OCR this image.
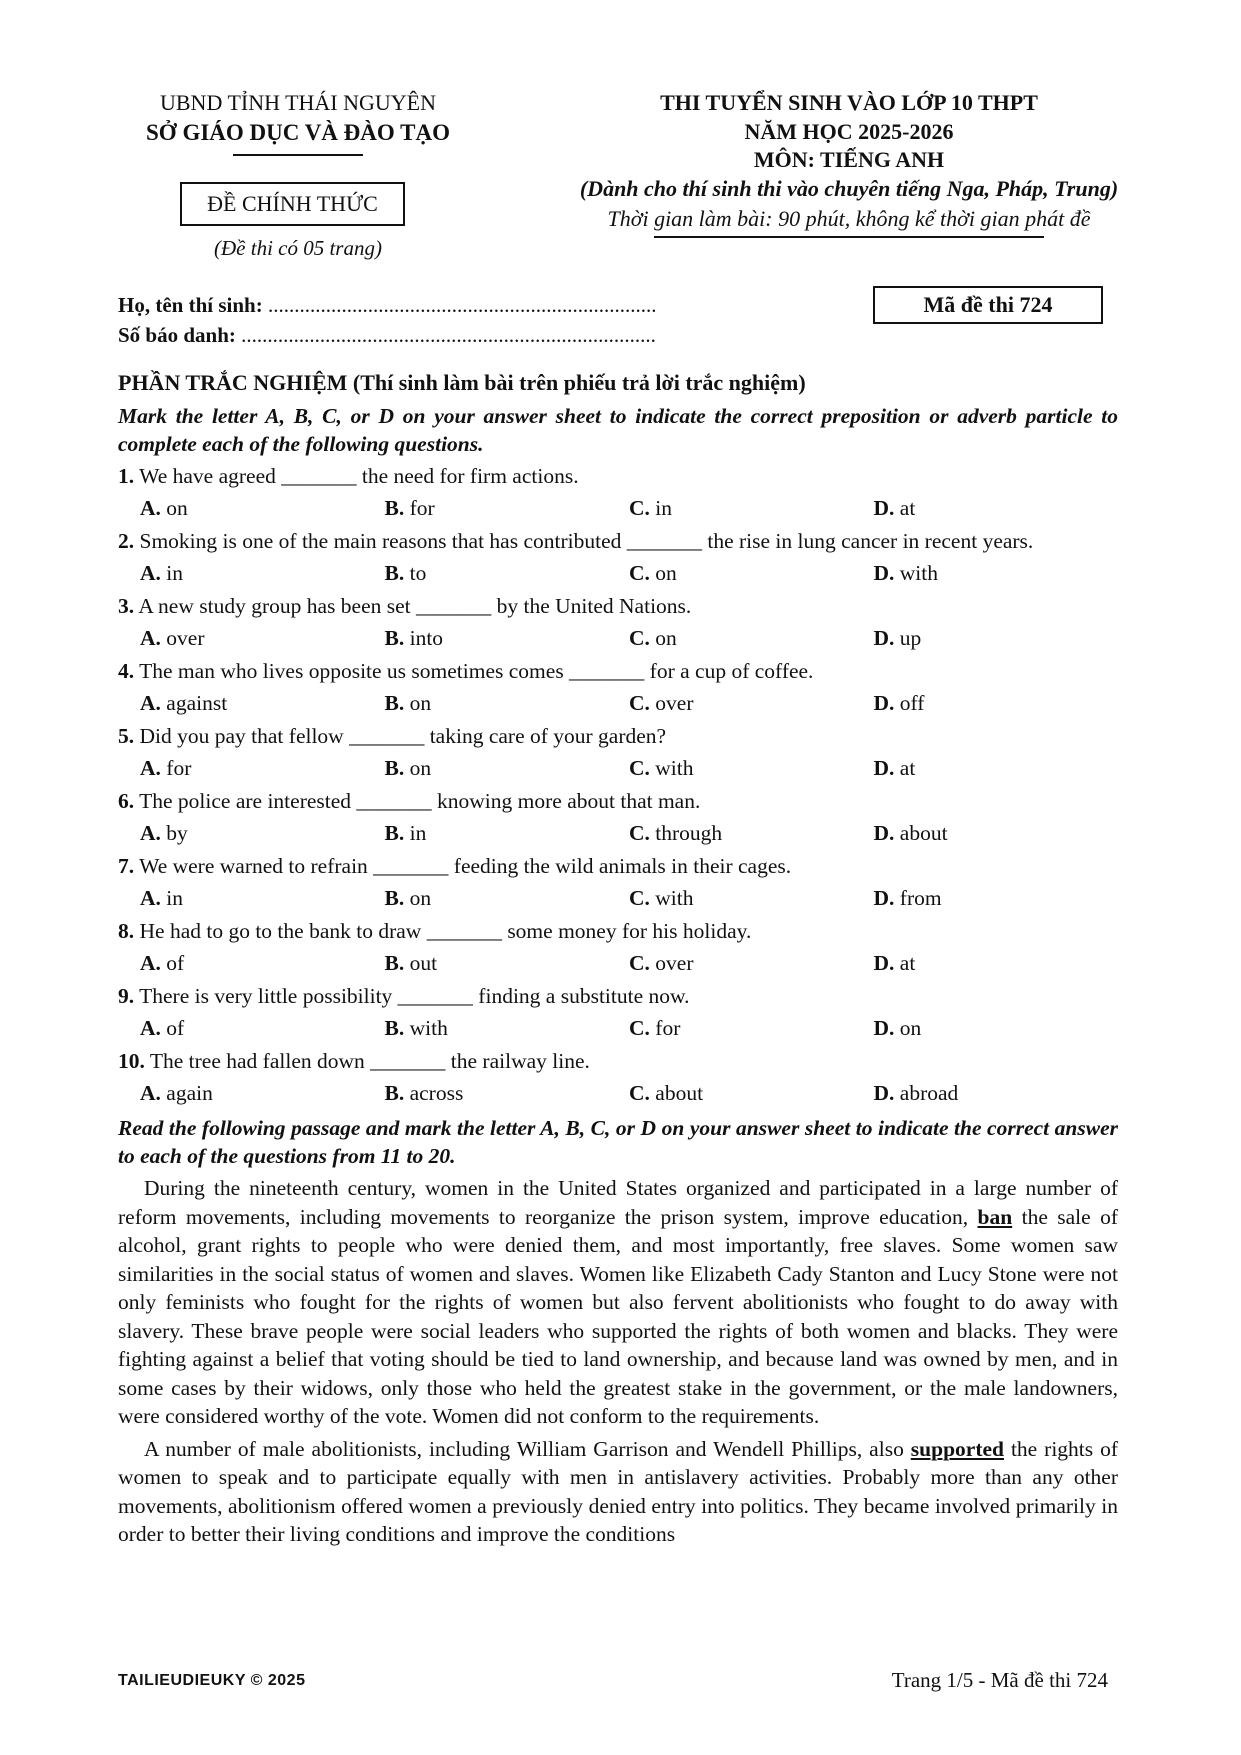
UBND TỈNH THÁI NGUYÊN
SỞ GIÁO DỤC VÀ ĐÀO TẠO
ĐỀ CHÍNH THỨC
(Đề thi có 05 trang)
THI TUYỂN SINH VÀO LỚP 10 THPT
NĂM HỌC 2025-2026
MÔN: TIẾNG ANH
(Dành cho thí sinh thi vào chuyên tiếng Nga, Pháp, Trung)
Thời gian làm bài: 90 phút, không kể thời gian phát đề
Họ, tên thí sinh: ..........................................................................
Số báo danh: ...............................................................................
Mã đề thi 724
PHẦN TRẮC NGHIỆM (Thí sinh làm bài trên phiếu trả lời trắc nghiệm)
Mark the letter A, B, C, or D on your answer sheet to indicate the correct preposition or adverb particle to complete each of the following questions.
1. We have agreed _______ the need for firm actions.
A. on	B. for	C. in	D. at
2. Smoking is one of the main reasons that has contributed _______ the rise in lung cancer in recent years.
A. in	B. to	C. on	D. with
3. A new study group has been set _______ by the United Nations.
A. over	B. into	C. on	D. up
4. The man who lives opposite us sometimes comes _______ for a cup of coffee.
A. against	B. on	C. over	D. off
5. Did you pay that fellow _______ taking care of your garden?
A. for	B. on	C. with	D. at
6. The police are interested _______ knowing more about that man.
A. by	B. in	C. through	D. about
7. We were warned to refrain _______ feeding the wild animals in their cages.
A. in	B. on	C. with	D. from
8. He had to go to the bank to draw _______ some money for his holiday.
A. of	B. out	C. over	D. at
9. There is very little possibility _______ finding a substitute now.
A. of	B. with	C. for	D. on
10. The tree had fallen down _______ the railway line.
A. again	B. across	C. about	D. abroad
Read the following passage and mark the letter A, B, C, or D on your answer sheet to indicate the correct answer to each of the questions from 11 to 20.
During the nineteenth century, women in the United States organized and participated in a large number of reform movements, including movements to reorganize the prison system, improve education, ban the sale of alcohol, grant rights to people who were denied them, and most importantly, free slaves. Some women saw similarities in the social status of women and slaves. Women like Elizabeth Cady Stanton and Lucy Stone were not only feminists who fought for the rights of women but also fervent abolitionists who fought to do away with slavery. These brave people were social leaders who supported the rights of both women and blacks. They were fighting against a belief that voting should be tied to land ownership, and because land was owned by men, and in some cases by their widows, only those who held the greatest stake in the government, or the male landowners, were considered worthy of the vote. Women did not conform to the requirements.
A number of male abolitionists, including William Garrison and Wendell Phillips, also supported the rights of women to speak and to participate equally with men in antislavery activities. Probably more than any other movements, abolitionism offered women a previously denied entry into politics. They became involved primarily in order to better their living conditions and improve the conditions
TAILIEUDIEUKY © 2025	Trang 1/5 - Mã đề thi 724
